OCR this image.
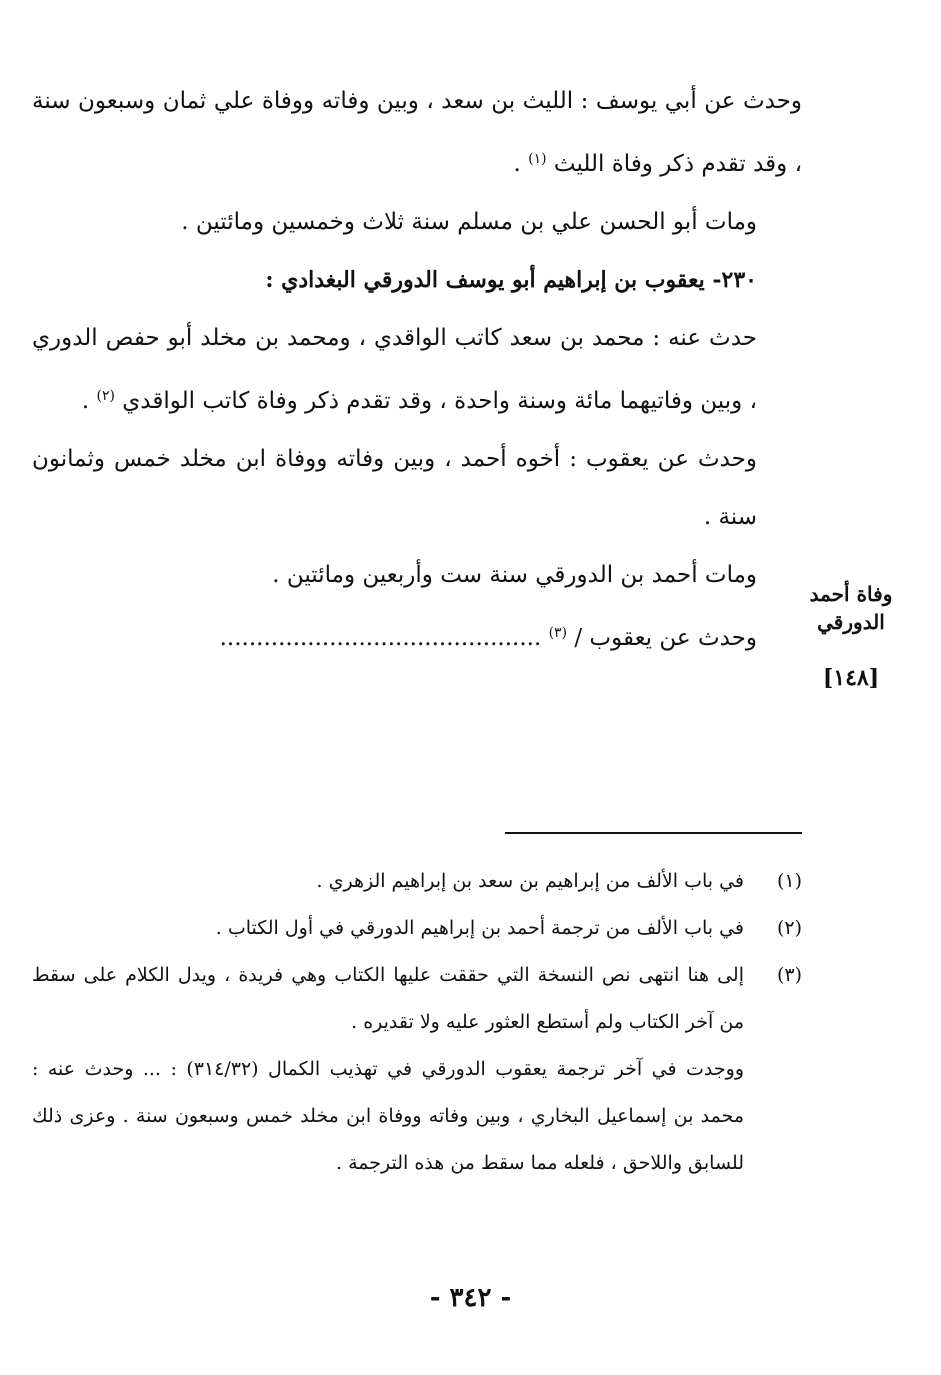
وحدث عن أبي يوسف : الليث بن سعد ، وبين وفاته ووفاة علي ثمان وسبعون سنة ، وقد تقدم ذكر وفاة الليث $^{(١)}$ .

ومات أبو الحسن علي بن مسلم سنة ثلاث وخمسين ومائتين .

٢٣٠- يعقوب بن إبراهيم أبو يوسف الدورقي البغدادي :

حدث عنه : محمد بن سعد كاتب الواقدي ، ومحمد بن مخلد أبو حفص الدوري ، وبين وفاتيهما مائة وسنة واحدة ، وقد تقدم ذكر وفاة كاتب الواقدي $^{(٢)}$ .

وحدث عن يعقوب : أخوه أحمد ، وبين وفاته ووفاة ابن مخلد خمس وثمانون سنة .

ومات أحمد بن الدورقي سنة ست وأربعين ومائتين .

وحدث عن يعقوب / $^{(٣)}$ ............................................

وفاة أحمد
الدورقي
[١٤٨]
(١)
في باب الألف من إبراهيم بن سعد بن إبراهيم الزهري .
(٢)
في باب الألف من ترجمة أحمد بن إبراهيم الدورقي في أول الكتاب .
(٣)
إلى هنا انتهى نص النسخة التي حققت عليها الكتاب وهي فريدة ، ويدل الكلام على سقط من آخر الكتاب ولم أستطع العثور عليه ولا تقديره .
ووجدت في آخر ترجمة يعقوب الدورقي في تهذيب الكمال (٣١٤/٣٢) : ... وحدث عنه : محمد بن إسماعيل البخاري ، وبين وفاته ووفاة ابن مخلد خمس وسبعون سنة . وعزى ذلك للسابق واللاحق ، فلعله مما سقط من هذه الترجمة .
- ٣٤٢ -
